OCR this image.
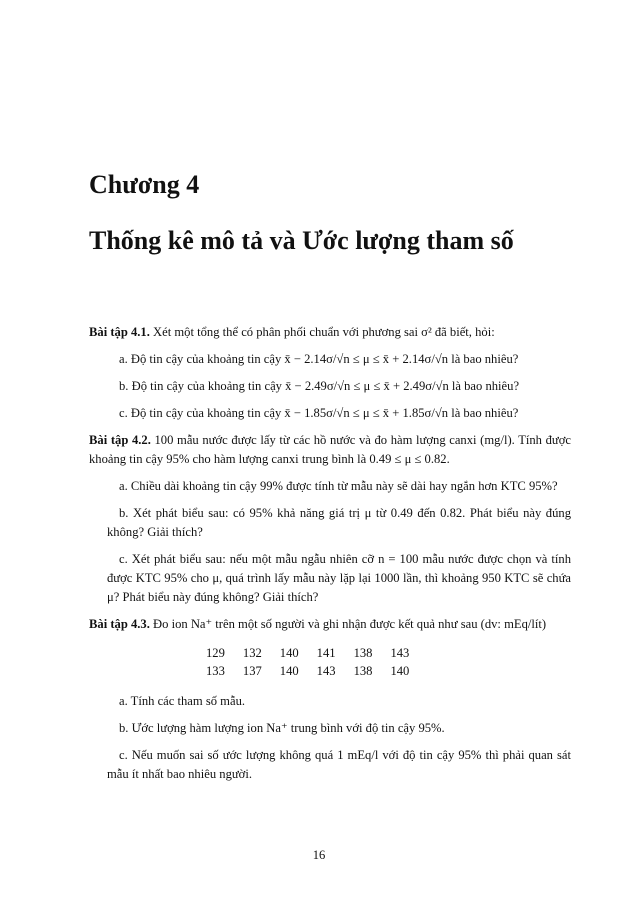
Chương 4
Thống kê mô tả và Ước lượng tham số

Bài tập 4.1. Xét một tổng thể có phân phối chuẩn với phương sai σ² đã biết, hỏi:

a. Độ tin cậy của khoảng tin cậy x̄ − 2.14σ/√n ≤ μ ≤ x̄ + 2.14σ/√n là bao nhiêu?

b. Độ tin cậy của khoảng tin cậy x̄ − 2.49σ/√n ≤ μ ≤ x̄ + 2.49σ/√n là bao nhiêu?

c. Độ tin cậy của khoảng tin cậy x̄ − 1.85σ/√n ≤ μ ≤ x̄ + 1.85σ/√n là bao nhiêu?

Bài tập 4.2. 100 mẫu nước được lấy từ các hồ nước và đo hàm lượng canxi (mg/l). Tính được khoảng tin cậy 95% cho hàm lượng canxi trung bình là 0.49 ≤ μ ≤ 0.82.

a. Chiều dài khoảng tin cậy 99% được tính từ mẫu này sẽ dài hay ngắn hơn KTC 95%?

b. Xét phát biểu sau: có 95% khả năng giá trị μ từ 0.49 đến 0.82. Phát biểu này đúng không? Giải thích?

c. Xét phát biểu sau: nếu một mẫu ngẫu nhiên cỡ n = 100 mẫu nước được chọn và tính được KTC 95% cho μ, quá trình lấy mẫu này lặp lại 1000 lần, thì khoảng 950 KTC sẽ chứa μ? Phát biểu này đúng không? Giải thích?

Bài tập 4.3. Đo ion Na⁺ trên một số người và ghi nhận được kết quả như sau (dv: mEq/lít)

129	132	140	141	138	143
133	137	140	143	138	140

a. Tính các tham số mẫu.

b. Ước lượng hàm lượng ion Na⁺ trung bình với độ tin cậy 95%.

c. Nếu muốn sai số ước lượng không quá 1 mEq/l với độ tin cậy 95% thì phải quan sát mẫu ít nhất bao nhiêu người.

16
